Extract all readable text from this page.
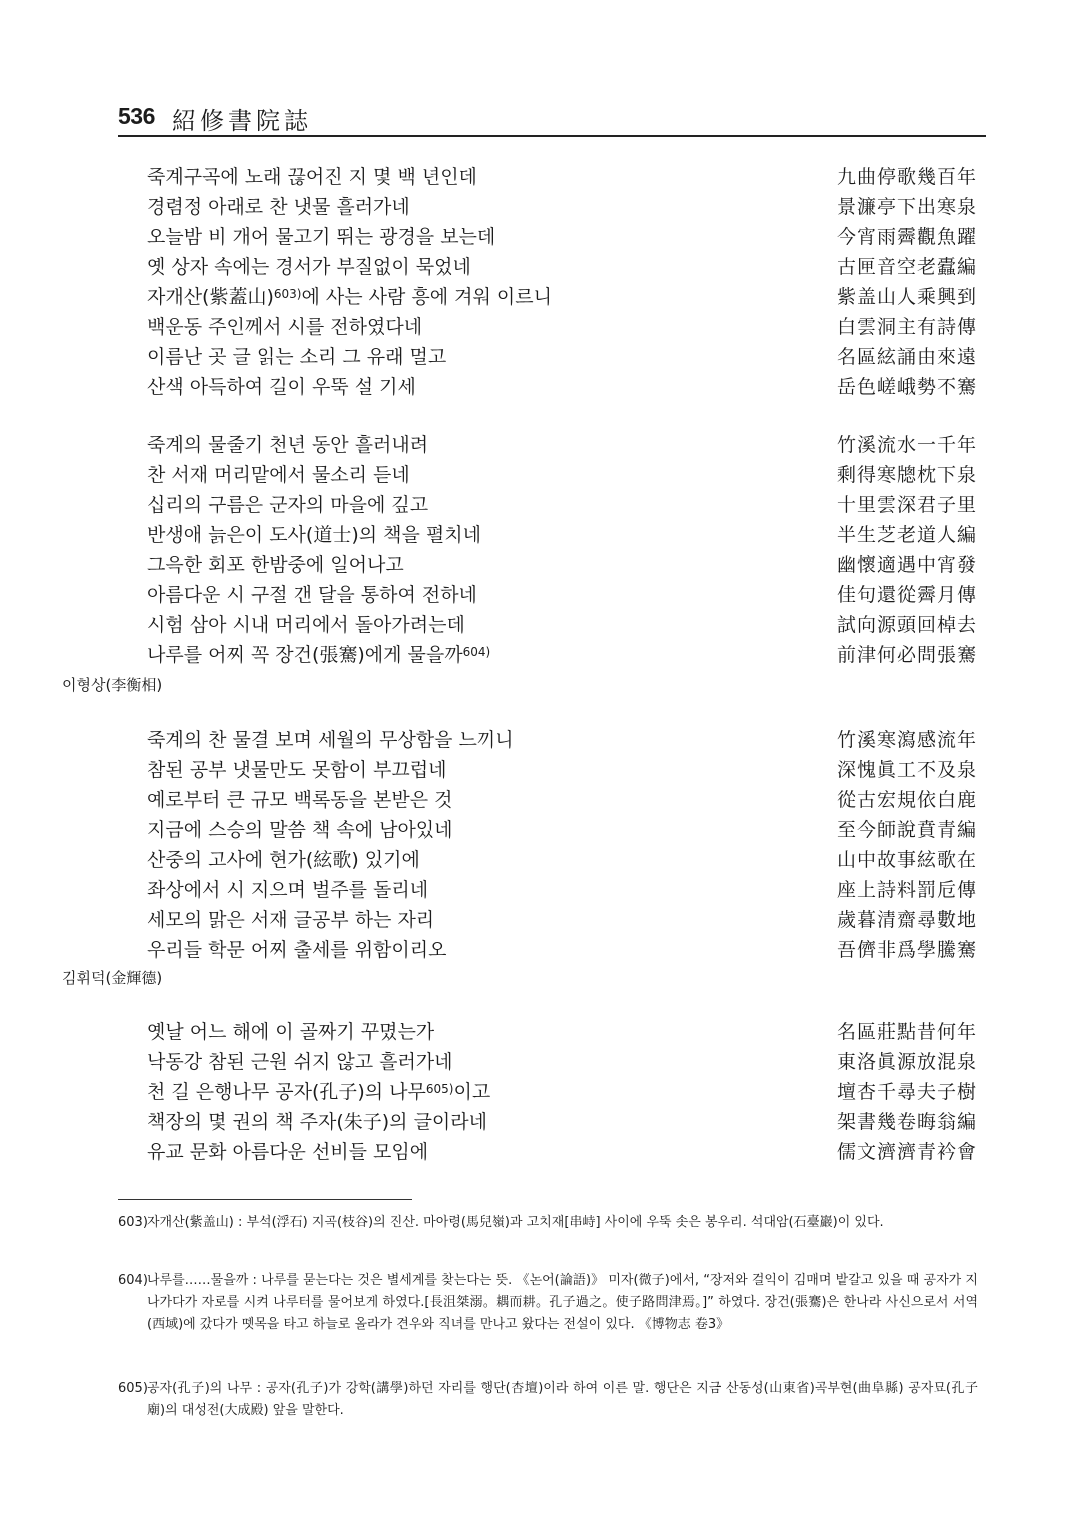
536 紹修書院誌
죽계구곡에 노래 끊어진 지 몇 백 년인데	九曲停歌幾百年
경렴정 아래로 찬 냇물 흘러가네	景濂亭下出寒泉
오늘밤 비 개어 물고기 뛰는 광경을 보는데	今宵雨霽觀魚躍
옛 상자 속에는 경서가 부질없이 묵었네	古匣音空老蠹編
자개산(紫蓋山)$^{603)}$에 사는 사람 흥에 겨워 이르니	紫盖山人乘興到
백운동 주인께서 시를 전하였다네	白雲洞主有詩傳
이름난 곳 글 읽는 소리 그 유래 멀고	名區絃誦由來遠
산색 아득하여 길이 우뚝 설 기세	岳色嵯峨勢不騫
죽계의 물줄기 천년 동안 흘러내려	竹溪流水一千年
찬 서재 머리맡에서 물소리 듣네	剩得寒牕枕下泉
십리의 구름은 군자의 마을에 깊고	十里雲深君子里
반생애 늙은이 도사(道士)의 책을 펼치네	半生芝老道人編
그윽한 회포 한밤중에 일어나고	幽懷適遇中宵發
아름다운 시 구절 갠 달을 통하여 전하네	佳句還從霽月傳
시험 삼아 시내 머리에서 돌아가려는데	試向源頭回棹去
나루를 어찌 꼭 장건(張騫)에게 물을까$^{604)}$	前津何必問張騫
이형상(李衡相)
죽계의 찬 물결 보며 세월의 무상함을 느끼니	竹溪寒瀉感流年
참된 공부 냇물만도 못함이 부끄럽네	深愧眞工不及泉
예로부터 큰 규모 백록동을 본받은 것	從古宏規依白鹿
지금에 스승의 말씀 책 속에 남아있네	至今師說賁青編
산중의 고사에 현가(絃歌) 있기에	山中故事絃歌在
좌상에서 시 지으며 벌주를 돌리네	座上詩料罰卮傳
세모의 맑은 서재 글공부 하는 자리	歲暮清齋尋數地
우리들 학문 어찌 출세를 위함이리오	吾儕非爲學騰騫
김휘덕(金輝德)
옛날 어느 해에 이 골짜기 꾸몄는가	名區莊點昔何年
낙동강 참된 근원 쉬지 않고 흘러가네	東洛眞源放混泉
천 길 은행나무 공자(孔子)의 나무$^{605)}$이고	壇杏千尋夫子樹
책장의 몇 권의 책 주자(朱子)의 글이라네	架書幾卷晦翁編
유교 문화 아름다운 선비들 모임에	儒文濟濟青衿會
603) 자개산(紫盖山) : 부석(浮石) 지곡(枝谷)의 진산. 마아령(馬兒嶺)과 고치재[串峙] 사이에 우뚝 솟은 봉우리. 석대암(石臺巖)이 있다.
604) 나루를……물을까 : 나루를 묻는다는 것은 별세계를 찾는다는 뜻. 《논어(論語)》 미자(微子)에서, “장저와 걸익이 김매며 밭갈고 있을 때 공자가 지나가다가 자로를 시켜 나루터를 물어보게 하였다.[長沮桀溺。耦而耕。孔子過之。使子路問津焉。]” 하였다. 장건(張騫)은 한나라 사신으로서 서역(西域)에 갔다가 뗏목을 타고 하늘로 올라가 견우와 직녀를 만나고 왔다는 전설이 있다. 《博物志 卷3》
605) 공자(孔子)의 나무 : 공자(孔子)가 강학(講學)하던 자리를 행단(杏壇)이라 하여 이른 말. 행단은 지금 산동성(山東省)곡부현(曲阜縣) 공자묘(孔子廟)의 대성전(大成殿) 앞을 말한다.
